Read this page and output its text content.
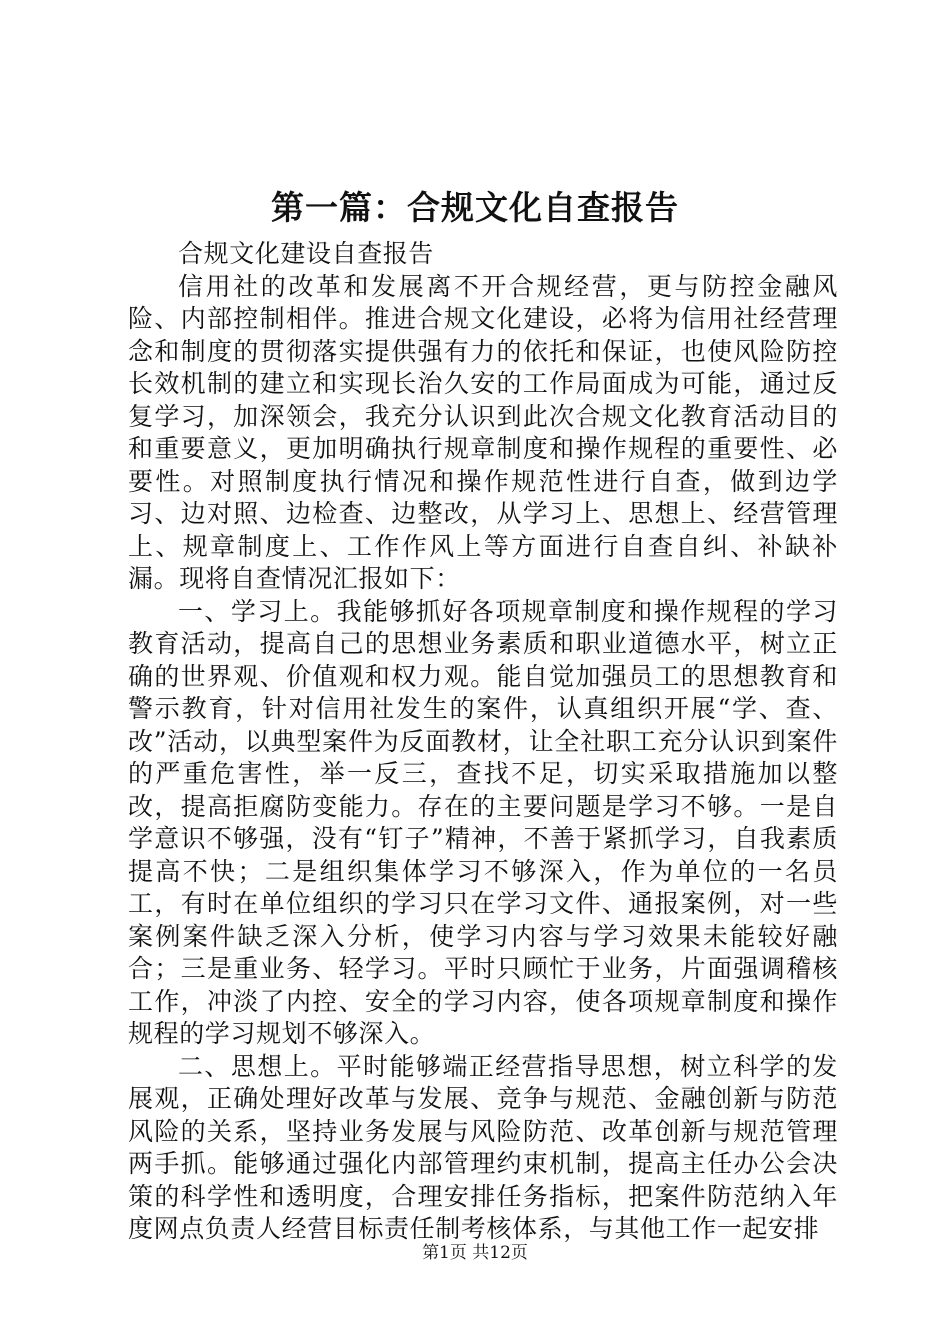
第一篇：合规文化自查报告

合规文化建设自查报告

信用社的改革和发展离不开合规经营，更与防控金融风险、内部控制相伴。推进合规文化建设，必将为信用社经营理念和制度的贯彻落实提供强有力的依托和保证，也使风险防控长效机制的建立和实现长治久安的工作局面成为可能，通过反复学习，加深领会，我充分认识到此次合规文化教育活动目的和重要意义，更加明确执行规章制度和操作规程的重要性、必要性。对照制度执行情况和操作规范性进行自查，做到边学习、边对照、边检查、边整改，从学习上、思想上、经营管理上、规章制度上、工作作风上等方面进行自查自纠、补缺补漏。现将自查情况汇报如下：

一、学习上。我能够抓好各项规章制度和操作规程的学习教育活动，提高自己的思想业务素质和职业道德水平，树立正确的世界观、价值观和权力观。能自觉加强员工的思想教育和警示教育，针对信用社发生的案件，认真组织开展“学、查、改”活动，以典型案件为反面教材，让全社职工充分认识到案件的严重危害性，举一反三，查找不足，切实采取措施加以整改，提高拒腐防变能力。存在的主要问题是学习不够。一是自学意识不够强，没有“钉子”精神，不善于紧抓学习，自我素质提高不快；二是组织集体学习不够深入，作为单位的一名员工，有时在单位组织的学习只在学习文件、通报案例，对一些案例案件缺乏深入分析，使学习内容与学习效果未能较好融合；三是重业务、轻学习。平时只顾忙于业务，片面强调稽核工作，冲淡了内控、安全的学习内容，使各项规章制度和操作规程的学习规划不够深入。

二、思想上。平时能够端正经营指导思想，树立科学的发展观，正确处理好改革与发展、竞争与规范、金融创新与防范风险的关系，坚持业务发展与风险防范、改革创新与规范管理两手抓。能够通过强化内部管理约束机制，提高主任办公会决策的科学性和透明度，合理安排任务指标，把案件防范纳入年度网点负责人经营目标责任制考核体系，与其他工作一起安排

第1页 共12页
